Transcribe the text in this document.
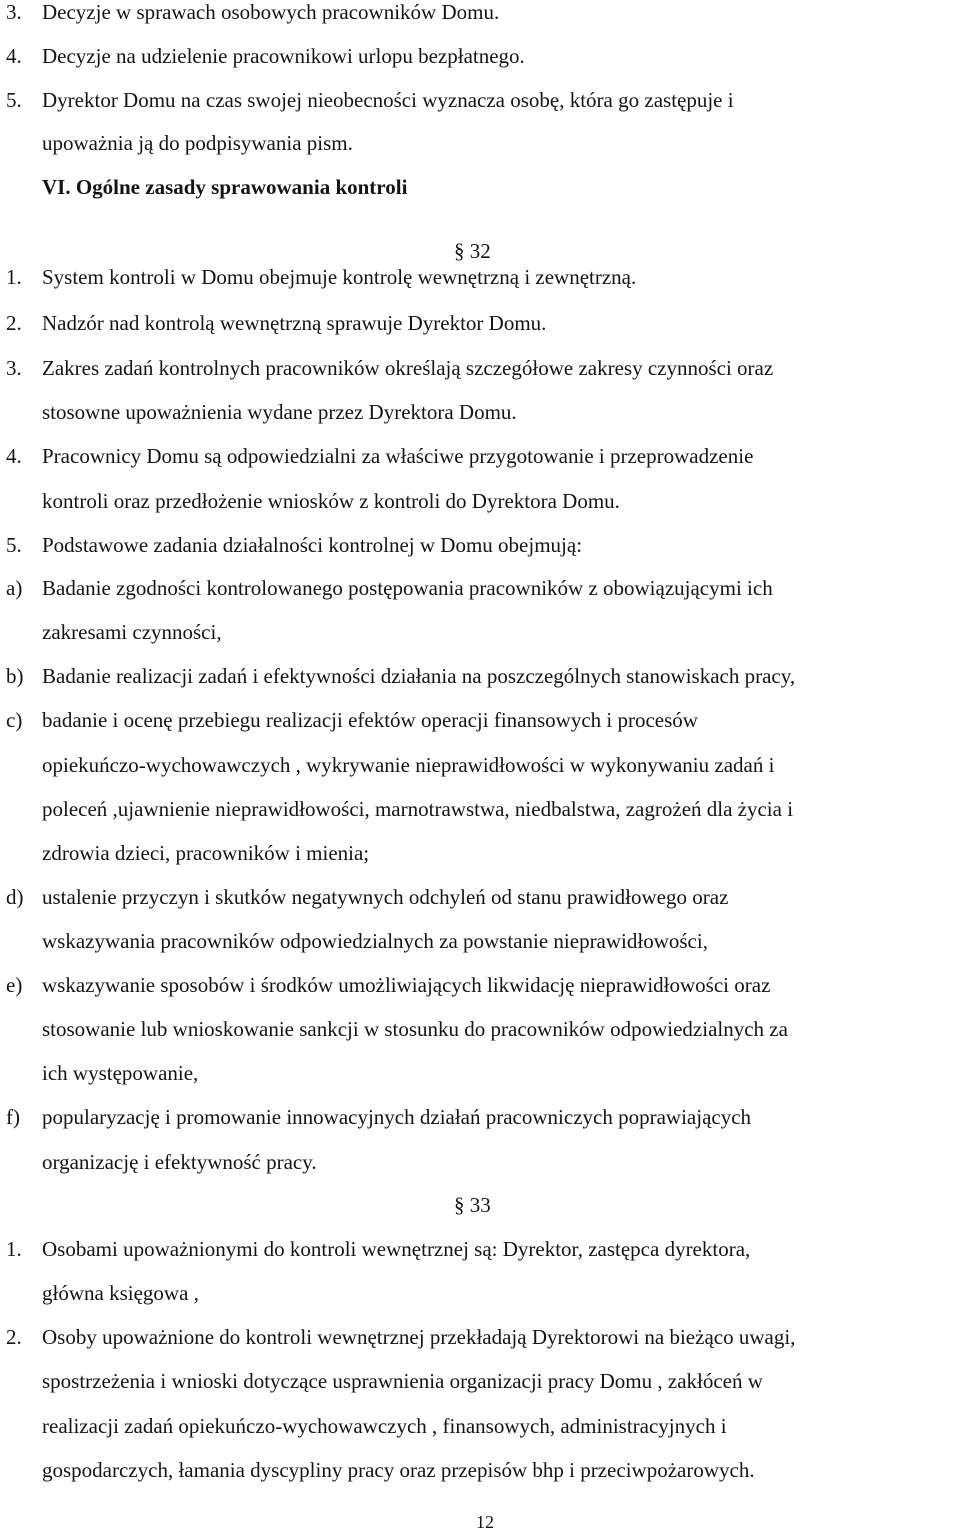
3. Decyzje w sprawach osobowych pracowników Domu.
4. Decyzje na udzielenie pracownikowi urlopu bezpłatnego.
5. Dyrektor Domu na czas swojej nieobecności wyznacza osobę, która go zastępuje i
upoważnia ją do podpisywania pism.
VI. Ogólne zasady sprawowania kontroli
§ 32
1. System kontroli w Domu obejmuje kontrolę wewnętrzną i zewnętrzną.
2. Nadzór nad kontrolą wewnętrzną sprawuje Dyrektor Domu.
3. Zakres zadań kontrolnych pracowników określają szczegółowe zakresy czynności oraz
stosowne upoważnienia wydane przez Dyrektora Domu.
4. Pracownicy Domu są odpowiedzialni za właściwe przygotowanie i przeprowadzenie
kontroli oraz przedłożenie wniosków z kontroli do Dyrektora Domu.
5. Podstawowe zadania działalności kontrolnej w Domu obejmują:
a) Badanie zgodności kontrolowanego postępowania pracowników z obowiązującymi ich
zakresami czynności,
b) Badanie realizacji zadań i efektywności działania na poszczególnych stanowiskach pracy,
c) badanie i ocenę przebiegu realizacji efektów operacji finansowych i procesów
opiekuńczo-wychowawczych , wykrywanie nieprawidłowości w wykonywaniu zadań i
poleceń ,ujawnienie nieprawidłowości, marnotrawstwa, niedbalstwa, zagrożeń dla życia i
zdrowia dzieci, pracowników i mienia;
d) ustalenie przyczyn i skutków negatywnych odchyleń od stanu prawidłowego oraz
wskazywania pracowników odpowiedzialnych za powstanie nieprawidłowości,
e) wskazywanie sposobów i środków umożliwiających likwidację nieprawidłowości oraz
stosowanie lub wnioskowanie sankcji w stosunku do pracowników odpowiedzialnych za
ich występowanie,
f) popularyzację i promowanie innowacyjnych działań pracowniczych poprawiających
organizację i efektywność pracy.
§ 33
1. Osobami upoważnionymi do kontroli wewnętrznej są: Dyrektor, zastępca dyrektora,
główna księgowa ,
2. Osoby upoważnione do kontroli wewnętrznej przekładają Dyrektorowi na bieżąco uwagi,
spostrzeżenia i wnioski dotyczące usprawnienia organizacji pracy Domu , zakłóceń w
realizacji zadań opiekuńczo-wychowawczych , finansowych, administracyjnych i
gospodarczych, łamania dyscypliny pracy oraz przepisów bhp i przeciwpożarowych.
12
